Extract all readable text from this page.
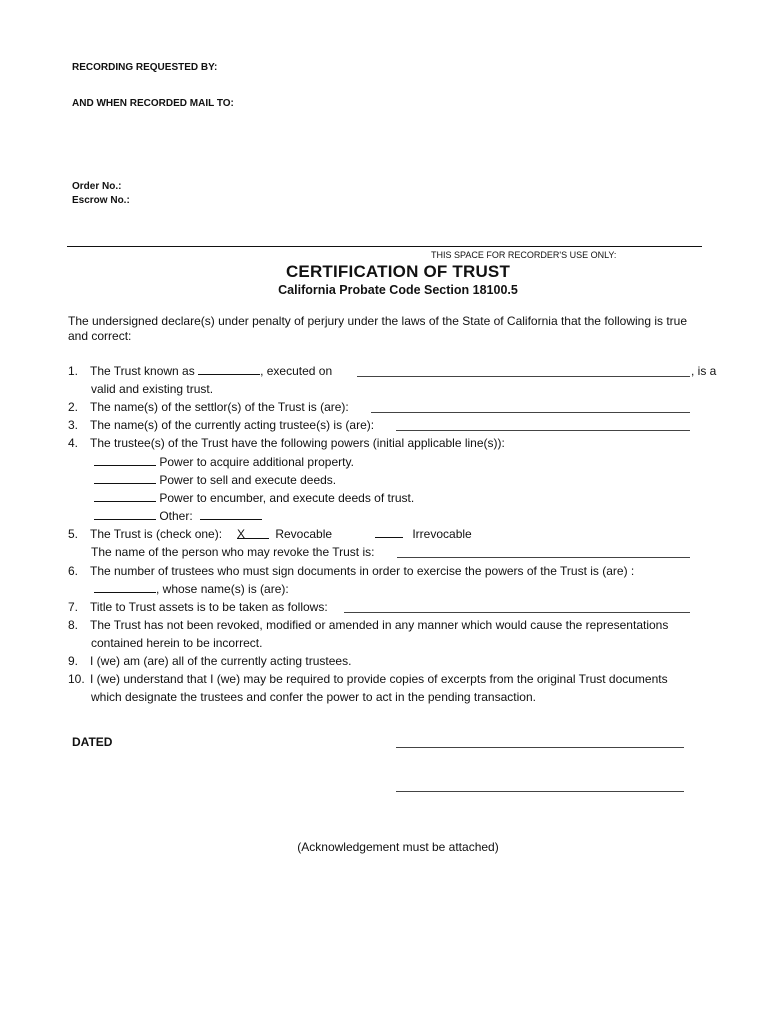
RECORDING REQUESTED BY:
AND WHEN RECORDED MAIL TO:
Order No.:
Escrow No.:
THIS SPACE FOR RECORDER'S USE ONLY:
CERTIFICATION OF TRUST
California Probate Code Section 18100.5
The undersigned declare(s) under penalty of perjury under the laws of the State of California that the following is true
and correct:
1. The Trust known as	, executed on	, is a
valid and existing trust.
2. The name(s) of the settlor(s) of the Trust is (are):
3. The name(s) of the currently acting trustee(s) is (are):
4. The trustee(s) of the Trust have the following powers (initial applicable line(s)):
Power to acquire additional property.
Power to sell and execute deeds.
Power to encumber, and execute deeds of trust.
Other:
5. The Trust is (check one): X	Revocable	Irrevocable
The name of the person who may revoke the Trust is:
6. The number of trustees who must sign documents in order to exercise the powers of the Trust is (are) :
, whose name(s) is (are):
7. Title to Trust assets is to be taken as follows:
8. The Trust has not been revoked, modified or amended in any manner which would cause the representations
contained herein to be incorrect.
9. I (we) am (are) all of the currently acting trustees.
10. I (we) understand that I (we) may be required to provide copies of excerpts from the original Trust documents
which designate the trustees and confer the power to act in the pending transaction.
DATED
(Acknowledgement must be attached)
